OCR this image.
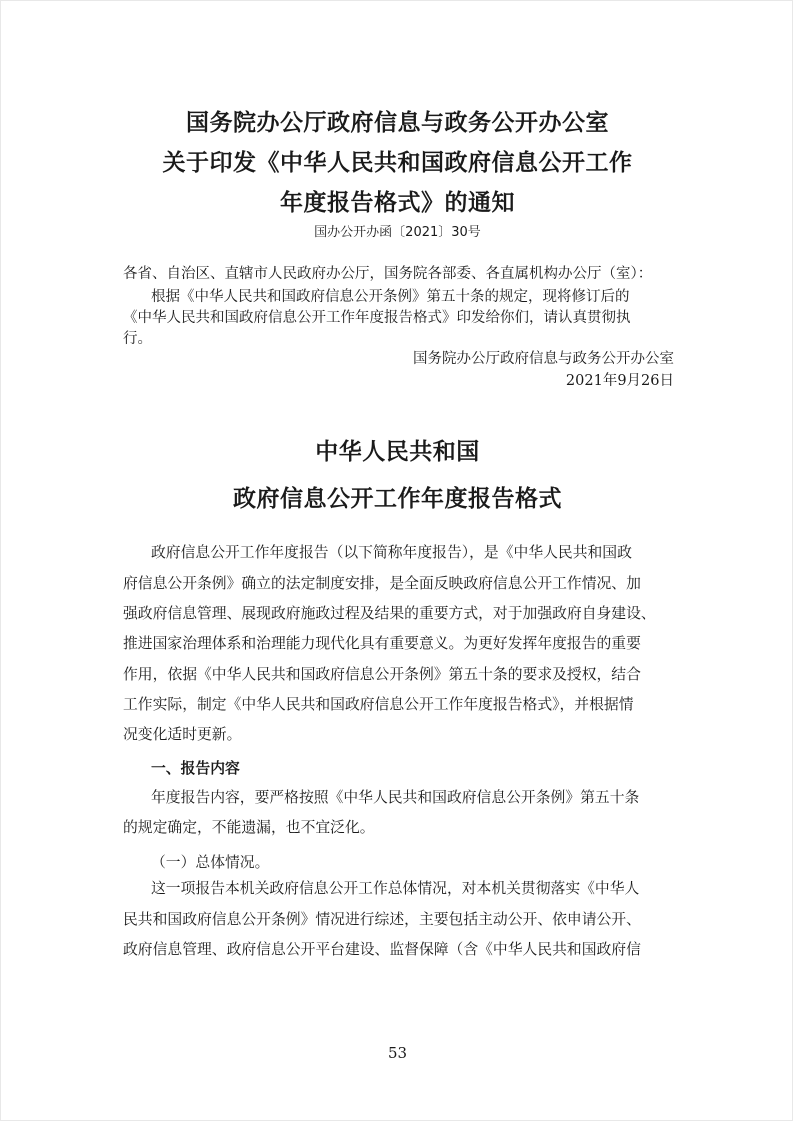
国务院办公厅政府信息与政务公开办公室
关于印发《中华人民共和国政府信息公开工作
年度报告格式》的通知
国办公开办函〔2021〕30号
各省、自治区、直辖市人民政府办公厅，国务院各部委、各直属机构办公厅（室）：
根据《中华人民共和国政府信息公开条例》第五十条的规定，现将修订后的
《中华人民共和国政府信息公开工作年度报告格式》印发给你们，请认真贯彻执
行。
国务院办公厅政府信息与政务公开办公室
2021年9月26日
中华人民共和国
政府信息公开工作年度报告格式
政府信息公开工作年度报告（以下简称年度报告），是《中华人民共和国政
府信息公开条例》确立的法定制度安排，是全面反映政府信息公开工作情况、加
强政府信息管理、展现政府施政过程及结果的重要方式，对于加强政府自身建设、
推进国家治理体系和治理能力现代化具有重要意义。为更好发挥年度报告的重要
作用，依据《中华人民共和国政府信息公开条例》第五十条的要求及授权，结合
工作实际，制定《中华人民共和国政府信息公开工作年度报告格式》，并根据情
况变化适时更新。
一、报告内容
年度报告内容，要严格按照《中华人民共和国政府信息公开条例》第五十条
的规定确定，不能遗漏，也不宜泛化。
（一）总体情况。
这一项报告本机关政府信息公开工作总体情况，对本机关贯彻落实《中华人
民共和国政府信息公开条例》情况进行综述，主要包括主动公开、依申请公开、
政府信息管理、政府信息公开平台建设、监督保障（含《中华人民共和国政府信
53
